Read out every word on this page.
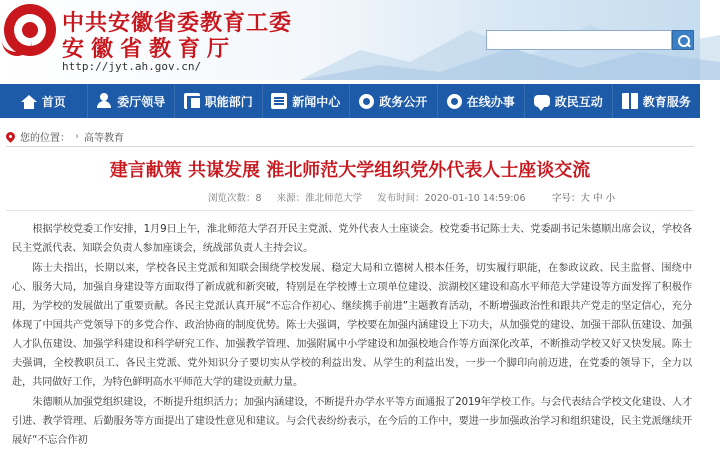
中共安徽省委教育工委
安徽省教育厅
http://jyt.ah.gov.cn/
首页	委厅领导	职能部门	新闻中心	政务公开	在线办事	政民互动	教育服务
您的位置： › 高等教育
建言献策 共谋发展 淮北师范大学组织党外代表人士座谈交流
浏览次数：8 来源：淮北师范大学 发布时间：2020-01-10 14:59:06	字号：大 中 小

根据学校党委工作安排，1月9日上午，淮北师范大学召开民主党派、党外代表人士座谈会。校党委书记陈士夫、党委副书记朱德顺出席会议，学校各民主党派代表、知联会负责人参加座谈会，统战部负责人主持会议。

陈士夫指出，长期以来，学校各民主党派和知联会围绕学校发展、稳定大局和立德树人根本任务，切实履行职能，在参政议政、民主监督、围绕中心、服务大局，加强自身建设等方面取得了新成就和新突破，特别是在学校博士立项单位建设、滨湖校区建设和高水平师范大学建设等方面发挥了积极作用，为学校的发展做出了重要贡献。各民主党派认真开展“不忘合作初心、继续携手前进”主题教育活动，不断增强政治性和跟共产党走的坚定信心，充分体现了中国共产党领导下的多党合作、政治协商的制度优势。陈士夫强调，学校要在加强内涵建设上下功夫，从加强党的建设、加强干部队伍建设、加强人才队伍建设、加强学科建设和科学研究工作、加强教学管理、加强附属中小学建设和加强校地合作等方面深化改革，不断推动学校又好又快发展。陈士夫强调，全校教职员工、各民主党派、党外知识分子要切实从学校的利益出发、从学生的利益出发，一步一个脚印向前迈进，在党委的领导下，全力以赴，共同做好工作，为特色鲜明高水平师范大学的建设贡献力量。

朱德顺从加强党组织建设，不断提升组织活力；加强内涵建设，不断提升办学水平等方面通报了2019年学校工作。与会代表结合学校文化建设、人才引进、教学管理、后勤服务等方面提出了建设性意见和建议。与会代表纷纷表示，在今后的工作中，要进一步加强政治学习和组织建设，民主党派继续开展好“不忘合作初
